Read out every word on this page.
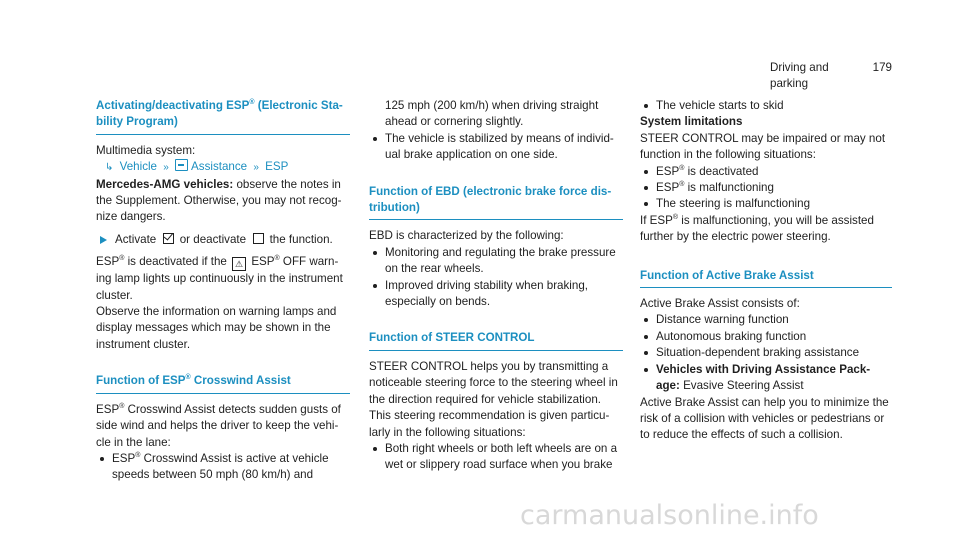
Driving and parking
179
Activating/deactivating ESP® (Electronic Sta- bility Program)

Multimedia system:

↳ Vehicle » Assistance » ESP

Mercedes-AMG vehicles: observe the notes in the Supplement. Otherwise, you may not recog- nize dangers.

Activate or deactivate the function.

ESP® is deactivated if the ⚠ ESP® OFF warn- ing lamp lights up continuously in the instrument cluster.

Observe the information on warning lamps and display messages which may be shown in the instrument cluster.

Function of ESP® Crosswind Assist

ESP® Crosswind Assist detects sudden gusts of side wind and helps the driver to keep the vehi- cle in the lane:

ESP® Crosswind Assist is active at vehicle speeds between 50 mph (80 km/h) and

125 mph (200 km/h) when driving straight ahead or cornering slightly.

The vehicle is stabilized by means of individ- ual brake application on one side.
Function of EBD (electronic brake force dis- tribution)

EBD is characterized by the following:

Monitoring and regulating the brake pressure on the rear wheels.
Improved driving stability when braking, especially on bends.
Function of STEER CONTROL

STEER CONTROL helps you by transmitting a noticeable steering force to the steering wheel in the direction required for vehicle stabilization.

This steering recommendation is given particu- larly in the following situations:

Both right wheels or both left wheels are on a wet or slippery road surface when you brake
The vehicle starts to skid

System limitations

STEER CONTROL may be impaired or may not function in the following situations:

ESP® is deactivated
ESP® is malfunctioning
The steering is malfunctioning

If ESP® is malfunctioning, you will be assisted further by the electric power steering.

Function of Active Brake Assist

Active Brake Assist consists of:

Distance warning function
Autonomous braking function
Situation-dependent braking assistance
Vehicles with Driving Assistance Pack- age: Evasive Steering Assist

Active Brake Assist can help you to minimize the risk of a collision with vehicles or pedestrians or to reduce the effects of such a collision.

carmanualsonline.info
